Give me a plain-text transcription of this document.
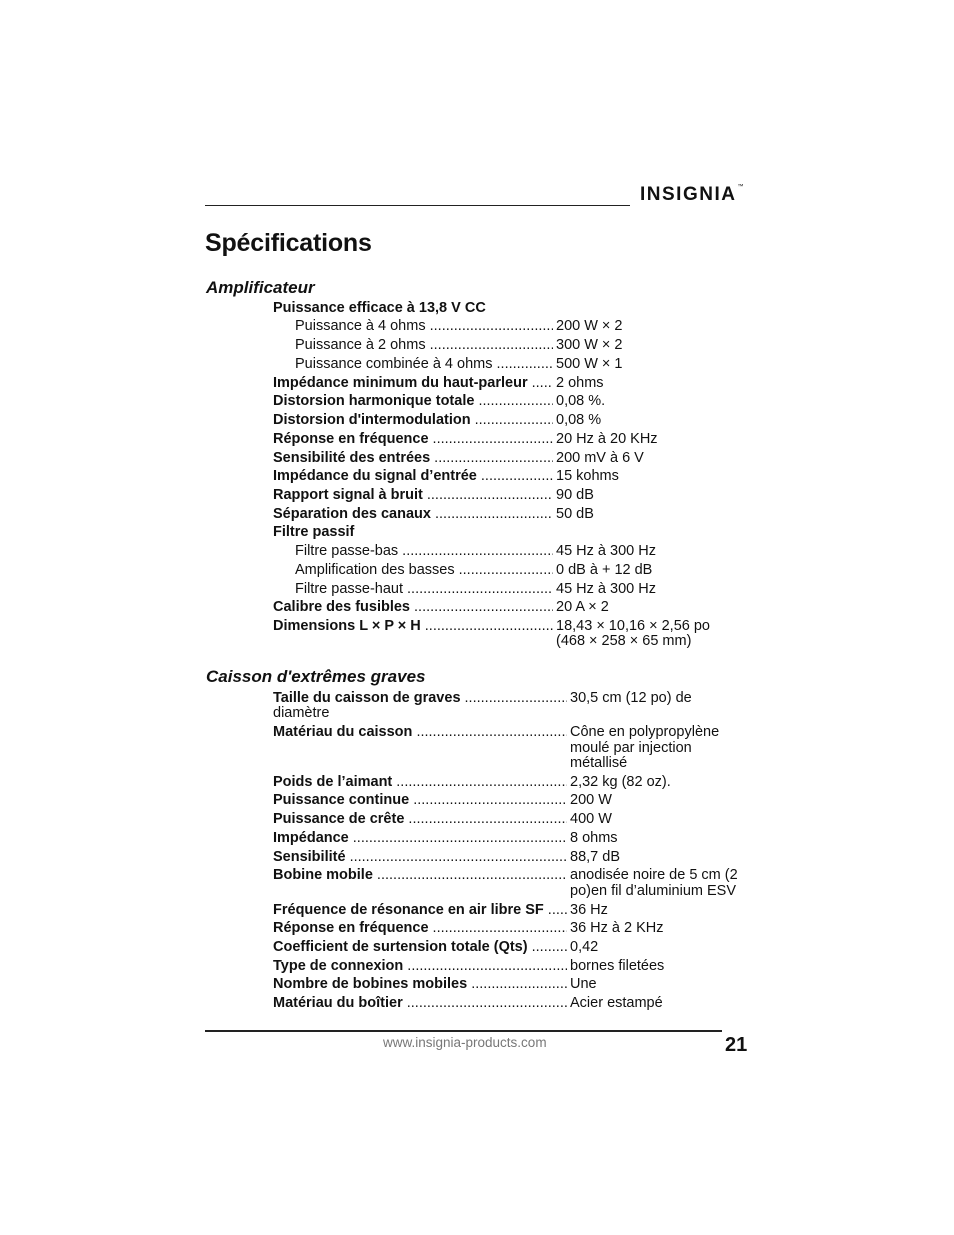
INSIGNIA™
Spécifications
Amplificateur
Puissance efficace à 13,8 V CC
Puissance à 4 ohms .....	200 W × 2
Puissance à 2 ohms .....	300 W × 2
Puissance combinée à 4 ohms .....	500 W × 1
Impédance minimum du haut-parleur .....	2 ohms
Distorsion harmonique totale .....	0,08 %.
Distorsion d'intermodulation .....	0,08 %
Réponse en fréquence .....	20 Hz à 20 KHz
Sensibilité des entrées .....	200 mV à 6 V
Impédance du signal d’entrée .....	15 kohms
Rapport signal à bruit .....	90 dB
Séparation des canaux .....	50 dB
Filtre passif
Filtre passe-bas .....	45 Hz à 300 Hz
Amplification des basses .....	0 dB à + 12 dB
Filtre passe-haut .....	45 Hz à 300 Hz
Calibre des fusibles .....	20 A × 2
Dimensions L × P × H .....	18,43 × 10,16 × 2,56 po
(468 × 258 × 65 mm)
Caisson d'extrêmes graves
Taille du caisson de graves .....	30,5 cm (12 po) de
diamètre
Matériau du caisson .....	Cône en polypropylène
moulé par injection
métallisé
Poids de l’aimant .....	2,32 kg (82 oz).
Puissance continue .....	200 W
Puissance de crête .....	400 W
Impédance .....	8 ohms
Sensibilité .....	88,7 dB
Bobine mobile .....	anodisée noire de 5 cm (2
po)en fil d’aluminium ESV
Fréquence de résonance en air libre SF .....	36 Hz
Réponse en fréquence .....	36 Hz à 2 KHz
Coefficient de surtension totale (Qts) .....	0,42
Type de connexion .....	bornes filetées
Nombre de bobines mobiles .....	Une
Matériau du boîtier .....	Acier estampé
www.insignia-products.com	21
